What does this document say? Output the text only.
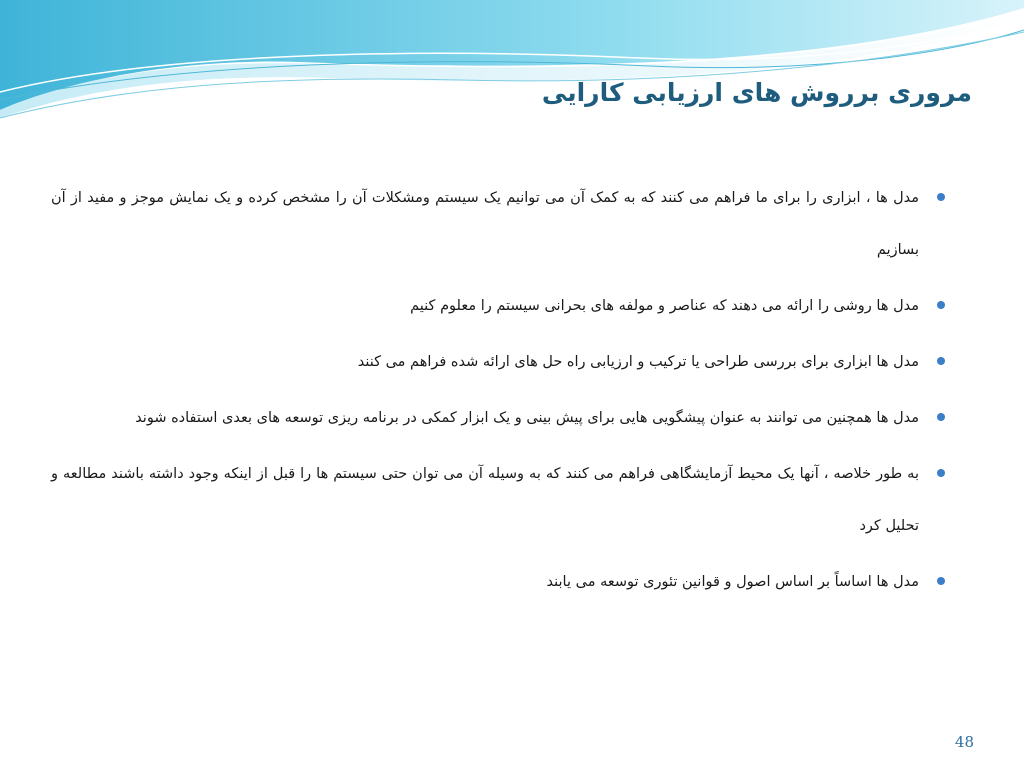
مروری برروش های ارزیابی کارایی
مدل ها ، ابزاری را برای ما فراهم می کنند که به کمک آن می توانیم یک سیستم ومشکلات آن را مشخص کرده و یک نمایش موجز و مفید از آن بسازیم
مدل ها روشی را ارائه می دهند که عناصر و مولفه های بحرانی سیستم را معلوم کنیم
مدل ها ابزاری برای بررسی طراحی یا ترکیب و ارزیابی راه حل های ارائه شده فراهم می کنند
مدل ها همچنین می توانند به عنوان پیشگویی هایی برای پیش بینی و یک ابزار کمکی در برنامه ریزی توسعه های بعدی استفاده شوند
به طور خلاصه ، آنها یک محیط آزمایشگاهی فراهم می کنند که به وسیله آن می توان حتی سیستم ها را قبل از اینکه وجود داشته باشند مطالعه و تحلیل کرد
مدل ها اساساً بر اساس اصول و قوانین تئوری توسعه می یابند
48
